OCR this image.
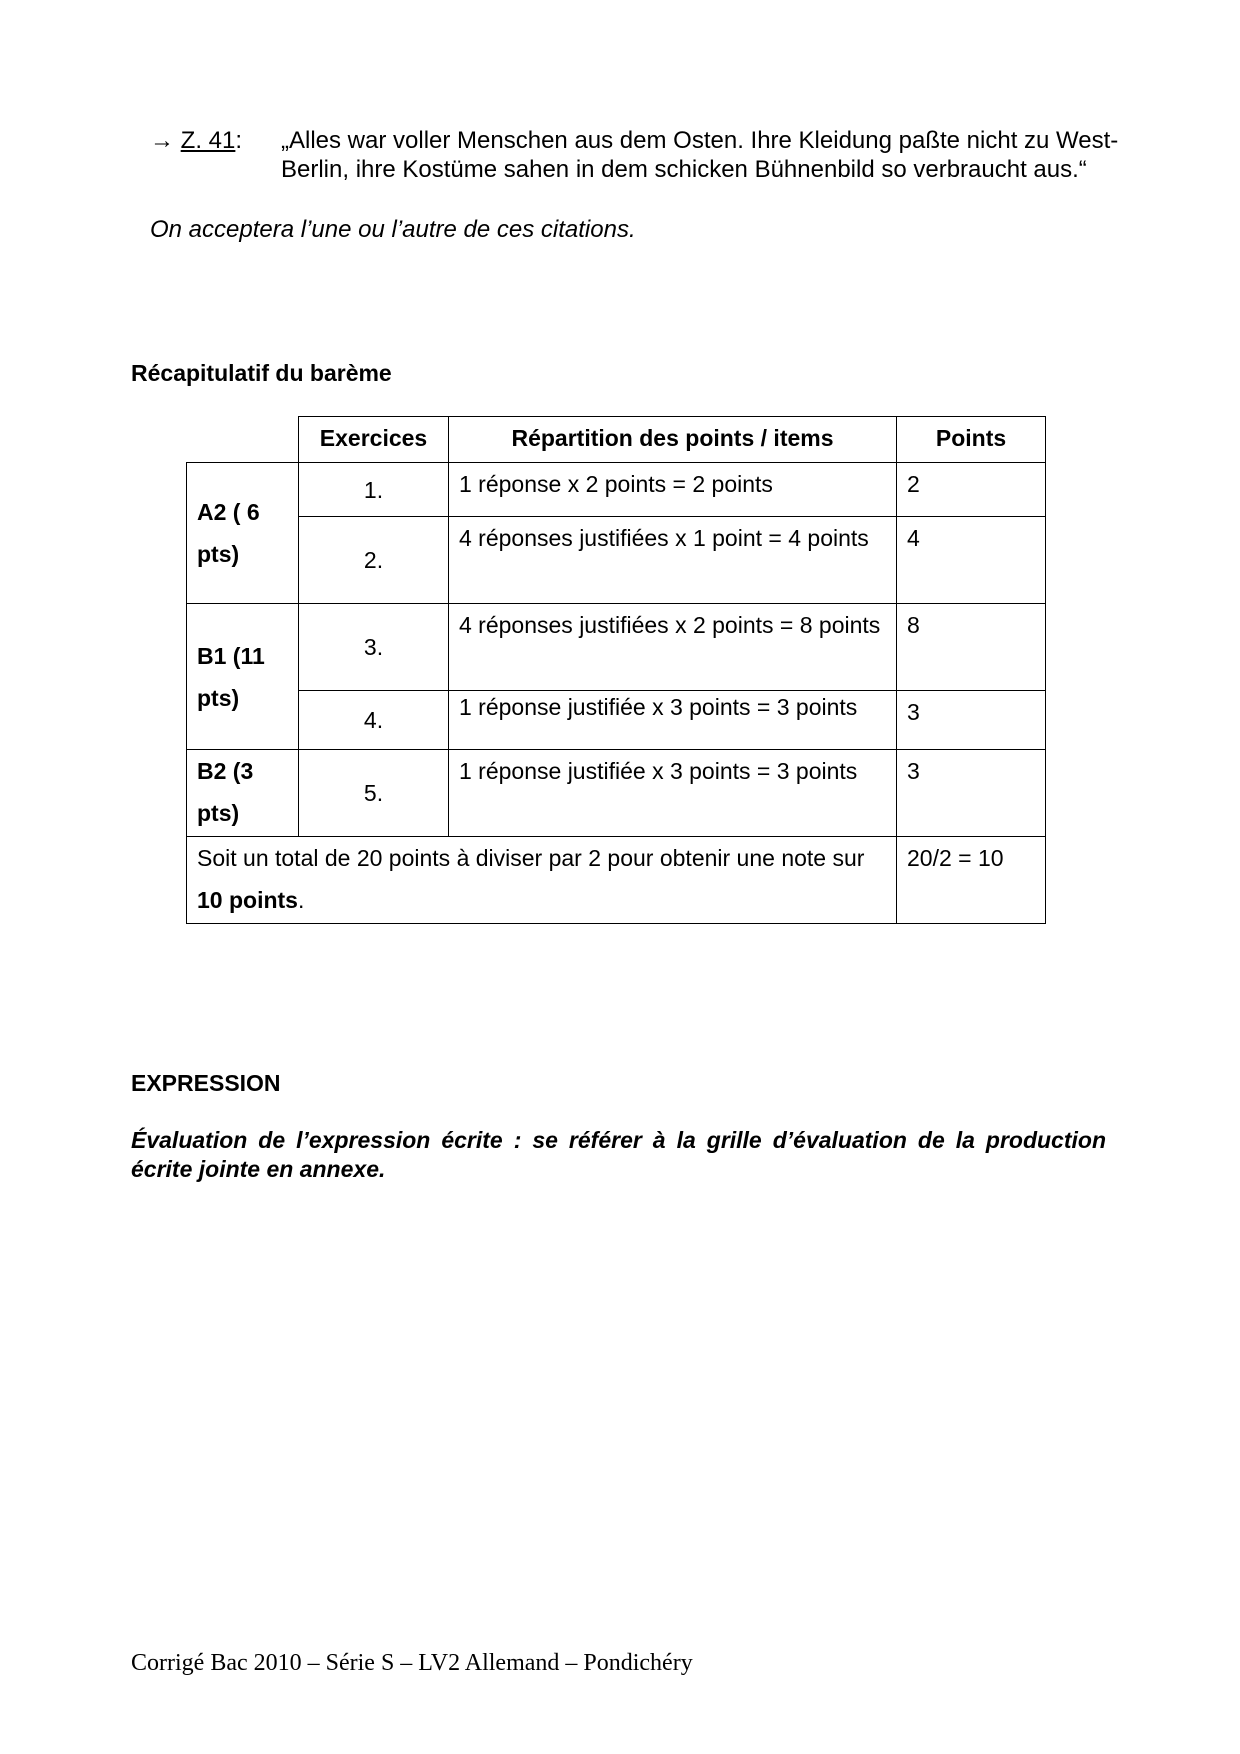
→ Z. 41:	„Alles war voller Menschen aus dem Osten. Ihre Kleidung paßte nicht zu West-Berlin, ihre Kostüme sahen in dem schicken Bühnenbild so verbraucht aus.“
On acceptera l’une ou l’autre de ces citations.
Récapitulatif du barème
	Exercices	Répartition des points / items	Points
A2 ( 6 pts)	1.	1 réponse x 2 points = 2 points	2
	2.	4 réponses justifiées x 1 point = 4 points	4
B1 (11 pts)	3.	4 réponses justifiées x 2 points = 8 points	8
	4.	1 réponse justifiée x 3 points = 3 points	3
B2 (3 pts)	5.	1 réponse justifiée x 3 points = 3 points	3
Soit un total de 20 points à diviser par 2 pour obtenir une note sur 10 points.			20/2 = 10
EXPRESSION
Évaluation de l’expression écrite : se référer à la grille d’évaluation de la production écrite jointe en annexe.
Corrigé Bac 2010 – Série S – LV2 Allemand – Pondichéry
